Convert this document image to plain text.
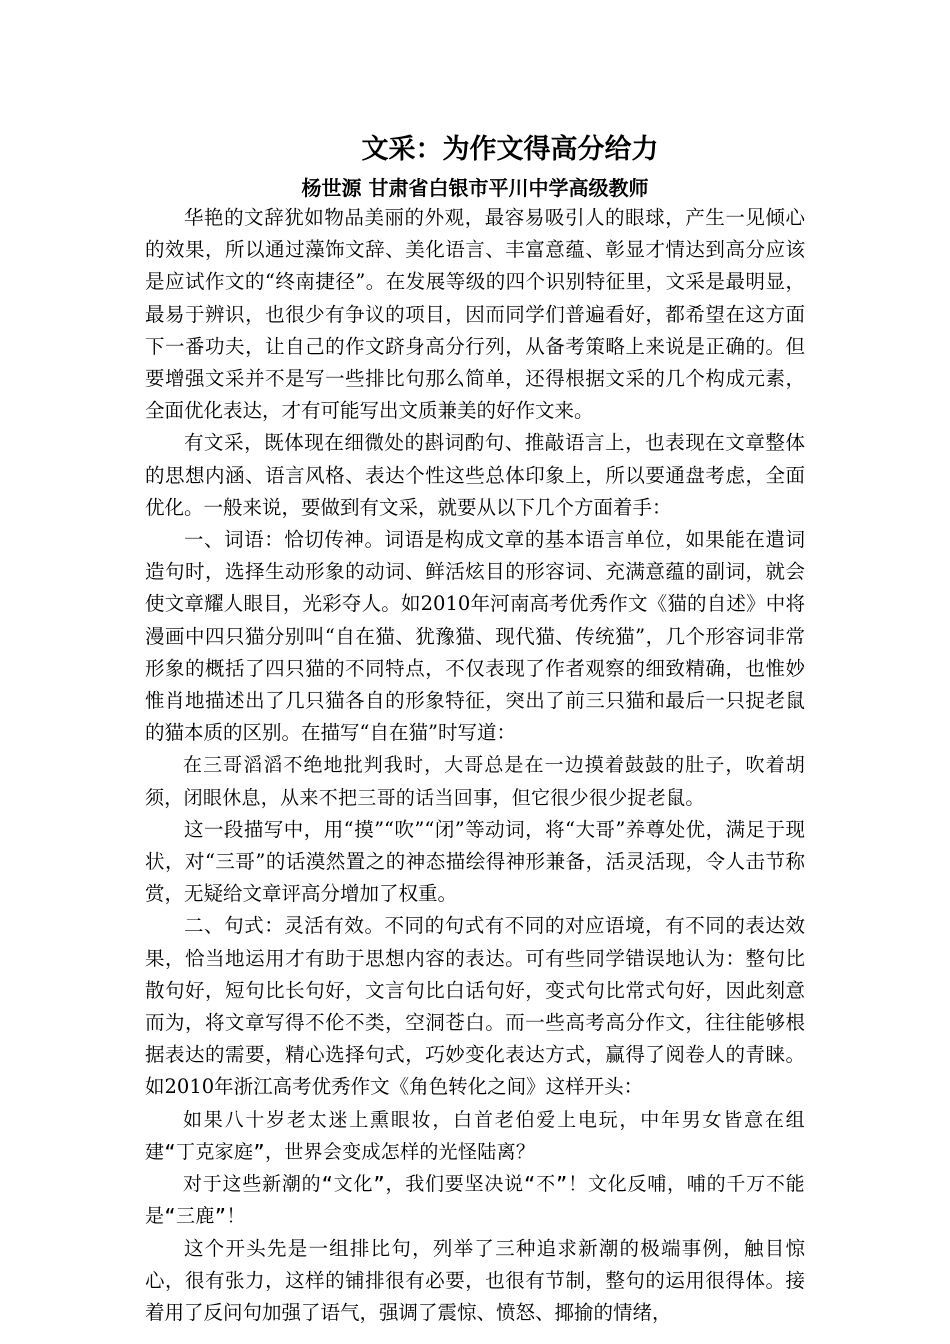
文采：为作文得高分给力
杨世源 甘肃省白银市平川中学高级教师

华艳的文辞犹如物品美丽的外观，最容易吸引人的眼球，产生一见倾心的效果，所以通过藻饰文辞、美化语言、丰富意蕴、彰显才情达到高分应该是应试作文的“终南捷径”。在发展等级的四个识别特征里，文采是最明显，最易于辨识，也很少有争议的项目，因而同学们普遍看好，都希望在这方面下一番功夫，让自己的作文跻身高分行列，从备考策略上来说是正确的。但要增强文采并不是写一些排比句那么简单，还得根据文采的几个构成元素，全面优化表达，才有可能写出文质兼美的好作文来。

有文采，既体现在细微处的斟词酌句、推敲语言上，也表现在文章整体的思想内涵、语言风格、表达个性这些总体印象上，所以要通盘考虑，全面优化。一般来说，要做到有文采，就要从以下几个方面着手：

一、词语：恰切传神。词语是构成文章的基本语言单位，如果能在遣词造句时，选择生动形象的动词、鲜活炫目的形容词、充满意蕴的副词，就会使文章耀人眼目，光彩夺人。如2010年河南高考优秀作文《猫的自述》中将漫画中四只猫分别叫“自在猫、犹豫猫、现代猫、传统猫”，几个形容词非常形象的概括了四只猫的不同特点，不仅表现了作者观察的细致精确，也惟妙惟肖地描述出了几只猫各自的形象特征，突出了前三只猫和最后一只捉老鼠的猫本质的区别。在描写“自在猫”时写道：

在三哥滔滔不绝地批判我时，大哥总是在一边摸着鼓鼓的肚子，吹着胡须，闭眼休息，从来不把三哥的话当回事，但它很少很少捉老鼠。

这一段描写中，用“摸”“吹”“闭”等动词，将“大哥”养尊处优，满足于现状，对“三哥”的话漠然置之的神态描绘得神形兼备，活灵活现，令人击节称赏，无疑给文章评高分增加了权重。

二、句式：灵活有效。不同的句式有不同的对应语境，有不同的表达效果，恰当地运用才有助于思想内容的表达。可有些同学错误地认为：整句比散句好，短句比长句好，文言句比白话句好，变式句比常式句好，因此刻意而为，将文章写得不伦不类，空洞苍白。而一些高考高分作文，往往能够根据表达的需要，精心选择句式，巧妙变化表达方式，赢得了阅卷人的青睐。如2010年浙江高考优秀作文《角色转化之间》这样开头：

如果八十岁老太迷上熏眼妆，白首老伯爱上电玩，中年男女皆意在组建“丁克家庭”，世界会变成怎样的光怪陆离？

对于这些新潮的“文化”，我们要坚决说“不”！文化反哺，哺的千万不能是“三鹿”！

这个开头先是一组排比句，列举了三种追求新潮的极端事例，触目惊心，很有张力，这样的铺排很有必要，也很有节制，整句的运用很得体。接着用了反问句加强了语气，强调了震惊、愤怒、揶揄的情绪，
